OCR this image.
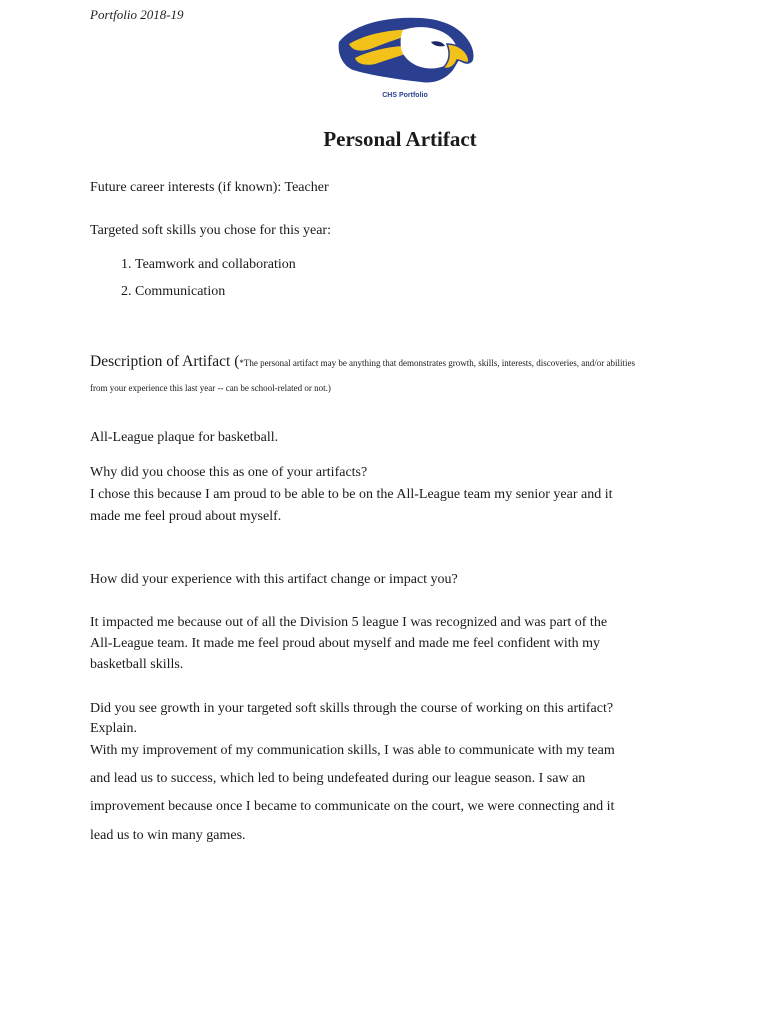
Portfolio 2018-19
CHS Portfolio
Personal Artifact
Future career interests (if known): Teacher
Targeted soft skills you chose for this year:
1. Teamwork and collaboration
2. Communication
Description of Artifact (*The personal artifact may be anything that demonstrates growth, skills, interests, discoveries, and/or abilities
from your experience this last year -- can be school-related or not.)
All-League plaque for basketball.
Why did you choose this as one of your artifacts?
I chose this because I am proud to be able to be on the All-League team my senior year and it
made me feel proud about myself.
How did your experience with this artifact change or impact you?
It impacted me because out of all the Division 5 league I was recognized and was part of the
All-League team. It made me feel proud about myself and made me feel confident with my
basketball skills.
Did you see growth in your targeted soft skills through the course of working on this artifact?
Explain.
With my improvement of my communication skills, I was able to communicate with my team
and lead us to success, which led to being undefeated during our league season. I saw an
improvement because once I became to communicate on the court, we were connecting and it
lead us to win many games.
